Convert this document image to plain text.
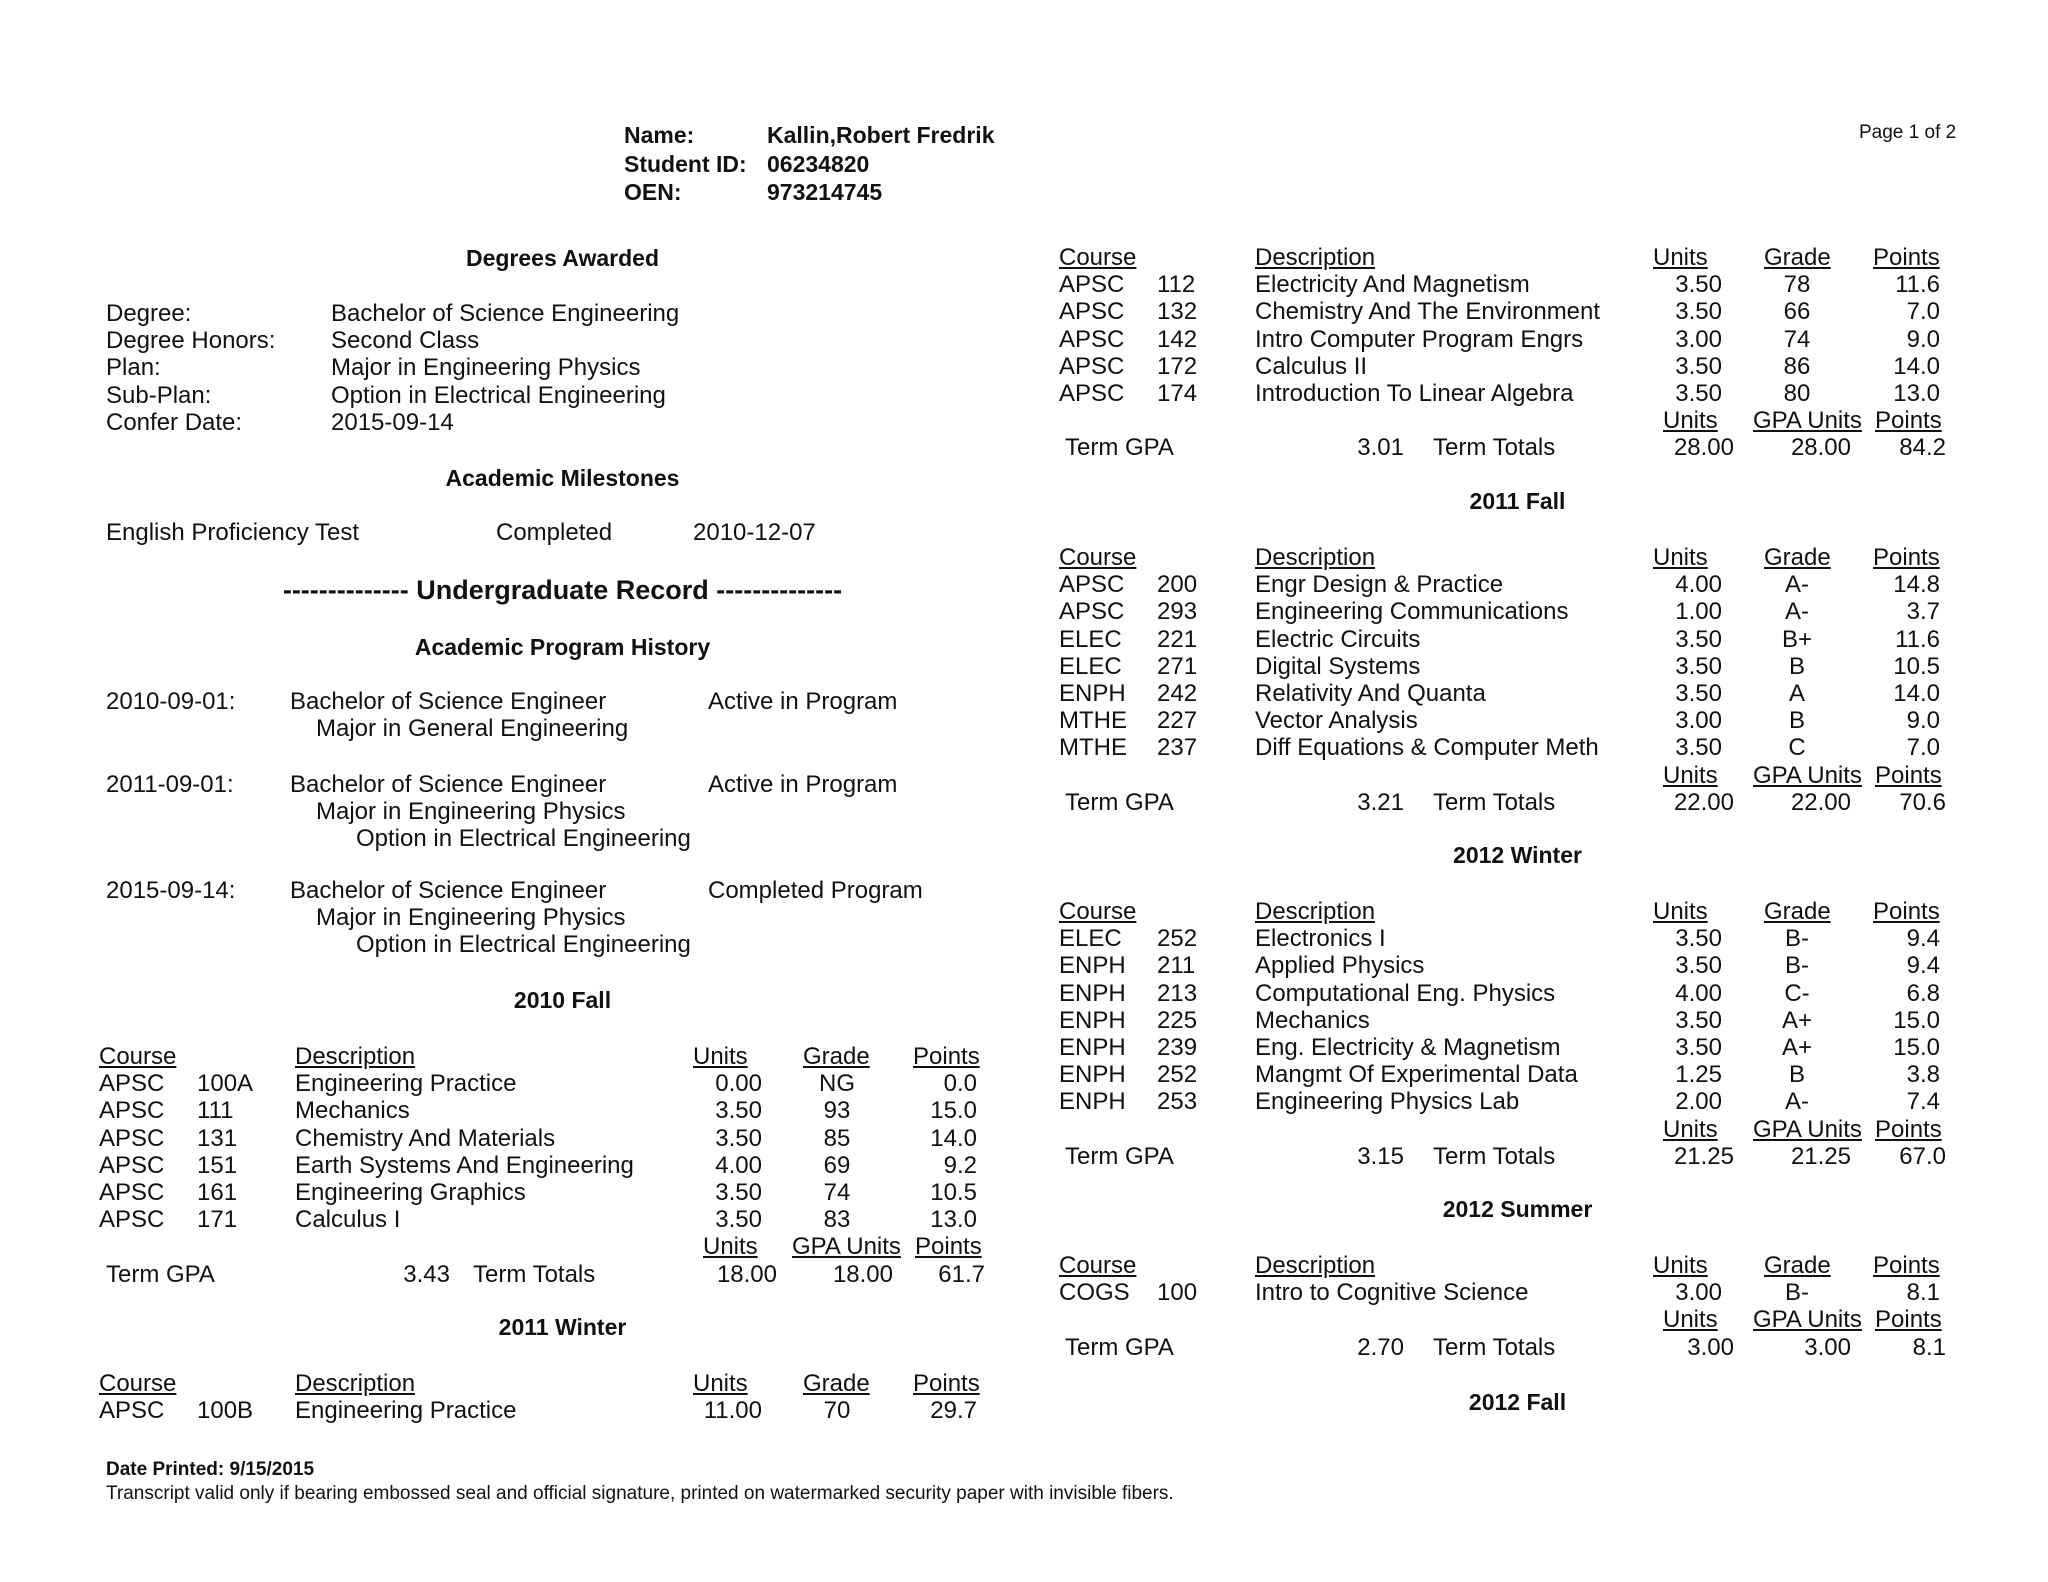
Name:	Kallin,Robert Fredrik
Student ID: 06234820
OEN:	973214745
Page 1 of 2
Degrees Awarded
Degree:	Bachelor of Science Engineering
Degree Honors: Second Class
Plan:	Major in Engineering Physics
Sub-Plan:	Option in Electrical Engineering
Confer Date:	2015-09-14
Academic Milestones
English Proficiency Test	Completed	2010-12-07
-------------- Undergraduate Record --------------
Academic Program History
2010-09-01: Bachelor of Science Engineer	Active in Program
Major in General Engineering
2011-09-01: Bachelor of Science Engineer	Active in Program
Major in Engineering Physics
Option in Electrical Engineering
2015-09-14: Bachelor of Science Engineer	Completed Program
Major in Engineering Physics
Option in Electrical Engineering
2010 Fall
Course	Description	Units Grade Points
APSC 100A Engineering Practice	0.00	NG	0.0
APSC 111	Mechanics	3.50	93	15.0
APSC 131 Chemistry And Materials	3.50	85	14.0
APSC 151 Earth Systems And Engineering	4.00	69	9.2
APSC 161 Engineering Graphics	3.50	74	10.5
APSC 171 Calculus I	3.50	83	13.0
Units GPA Units Points
Term GPA	3.43 Term Totals	18.00	18.00	61.7
2011 Winter
Course	Description	Units Grade Points
APSC 100B Engineering Practice	11.00	70	29.7
Course	Description	Units Grade Points
APSC 112 Electricity And Magnetism	3.50	78	11.6
APSC 132 Chemistry And The Environment	3.50	66	7.0
APSC 142 Intro Computer Program Engrs	3.00	74	9.0
APSC 172 Calculus II	3.50	86	14.0
APSC 174 Introduction To Linear Algebra	3.50	80	13.0
Units GPA Units Points
Term GPA	3.01 Term Totals	28.00	28.00	84.2
2011 Fall
Course	Description	Units Grade Points
APSC 200 Engr Design & Practice	4.00	A-	14.8
APSC 293 Engineering Communications	1.00	A-	3.7
ELEC 221 Electric Circuits	3.50	B+	11.6
ELEC 271 Digital Systems	3.50	B	10.5
ENPH 242 Relativity And Quanta	3.50	A	14.0
MTHE 227 Vector Analysis	3.00	B	9.0
MTHE 237 Diff Equations & Computer Meth	3.50	C	7.0
Units GPA Units Points
Term GPA	3.21 Term Totals	22.00	22.00	70.6
2012 Winter
Course	Description	Units Grade Points
ELEC 252 Electronics I	3.50	B-	9.4
ENPH 211 Applied Physics	3.50	B-	9.4
ENPH 213 Computational Eng. Physics	4.00	C-	6.8
ENPH 225 Mechanics	3.50	A+	15.0
ENPH 239 Eng. Electricity & Magnetism	3.50	A+	15.0
ENPH 252 Mangmt Of Experimental Data	1.25	B	3.8
ENPH 253 Engineering Physics Lab	2.00	A-	7.4
Units GPA Units Points
Term GPA	3.15 Term Totals	21.25	21.25	67.0
2012 Summer
Course	Description	Units Grade Points
COGS 100 Intro to Cognitive Science	3.00	B-	8.1
Units GPA Units Points
Term GPA	2.70 Term Totals	3.00	3.00	8.1
2012 Fall
Date Printed: 9/15/2015
Transcript valid only if bearing embossed seal and official signature, printed on watermarked security paper with invisible fibers.
